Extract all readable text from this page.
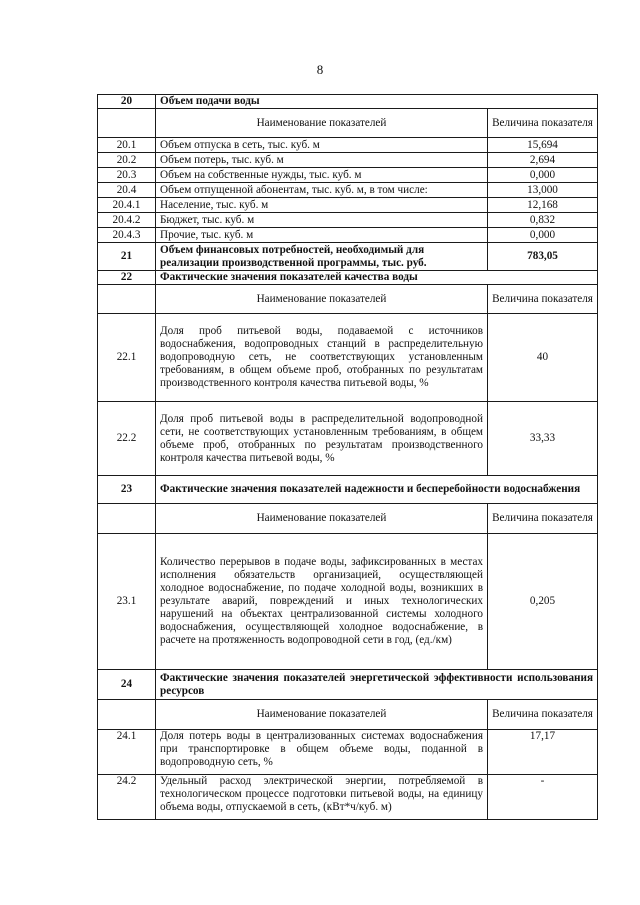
8
20	Объем подачи воды	
	Наименование показателей	Величина показателя
20.1	Объем отпуска в сеть, тыс. куб. м	15,694
20.2	Объем потерь, тыс. куб. м	2,694
20.3	Объем на собственные нужды, тыс. куб. м	0,000
20.4	Объем отпущенной абонентам, тыс. куб. м, в том числе:	13,000
20.4.1	Население, тыс. куб. м	12,168
20.4.2	Бюджет, тыс. куб. м	0,832
20.4.3	Прочие, тыс. куб. м	0,000
21	Объем финансовых потребностей, необходимый для реализации производственной программы, тыс. руб.	783,05
22	Фактические значения показателей качества воды	
	Наименование показателей	Величина показателя
22.1	Доля проб питьевой воды, подаваемой с источников водоснабжения, водопроводных станций в распределительную водопроводную сеть, не соответствующих установленным требованиям, в общем объеме проб, отобранных по результатам производственного контроля качества питьевой воды, %	40
22.2	Доля проб питьевой воды в распределительной водопроводной сети, не соответствующих установленным требованиям, в общем объеме проб, отобранных по результатам производственного контроля качества питьевой воды, %	33,33
23	Фактические значения показателей надежности и бесперебойности водоснабжения	
	Наименование показателей	Величина показателя
23.1	Количество перерывов в подаче воды, зафиксированных в местах исполнения обязательств организацией, осуществляющей холодное водоснабжение, по подаче холодной воды, возникших в результате аварий, повреждений и иных технологических нарушений на объектах централизованной системы холодного водоснабжения, осуществляющей холодное водоснабжение, в расчете на протяженность водопроводной сети в год, (ед./км)	0,205
24	Фактические значения показателей энергетической эффективности использования ресурсов	
	Наименование показателей	Величина показателя
24.1	Доля потерь воды в централизованных системах водоснабжения при транспортировке в общем объеме воды, поданной в водопроводную сеть, %	17,17
24.2	Удельный расход электрической энергии, потребляемой в технологическом процессе подготовки питьевой воды, на единицу объема воды, отпускаемой в сеть, (кВт*ч/куб. м)	-
